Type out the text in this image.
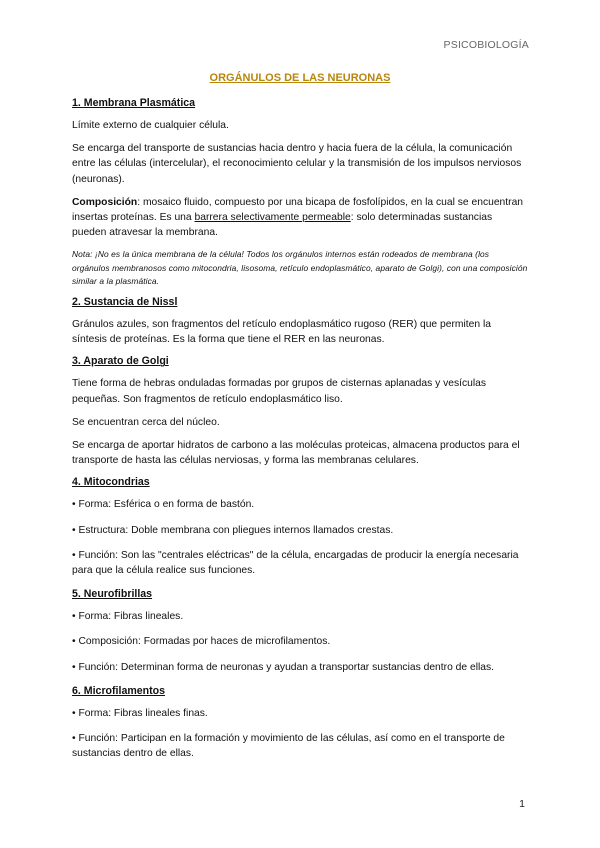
PSICOBIOLOGÍA
ORGÁNULOS DE LAS NEURONAS
1. Membrana Plasmática

Límite externo de cualquier célula.

Se encarga del transporte de sustancias hacia dentro y hacia fuera de la célula, la comunicación entre las células (intercelular), el reconocimiento celular y la transmisión de los impulsos nerviosos (neuronas).

Composición: mosaico fluido, compuesto por una bicapa de fosfolípidos, en la cual se encuentran insertas proteínas. Es una barrera selectivamente permeable: solo determinadas sustancias pueden atravesar la membrana.

Nota: ¡No es la única membrana de la célula! Todos los orgánulos internos están rodeados de membrana (los orgánulos membranosos como mitocondria, lisosoma, retículo endoplasmático, aparato de Golgi), con una composición similar a la plasmática.

2. Sustancia de Nissl

Gránulos azules, son fragmentos del retículo endoplasmático rugoso (RER) que permiten la síntesis de proteínas. Es la forma que tiene el RER en las neuronas.

3. Aparato de Golgi

Tiene forma de hebras onduladas formadas por grupos de cisternas aplanadas y vesículas pequeñas. Son fragmentos de retículo endoplasmático liso.

Se encuentran cerca del núcleo.

Se encarga de aportar hidratos de carbono a las moléculas proteicas, almacena productos para el transporte de hasta las células nerviosas, y forma las membranas celulares.

4. Mitocondrias

• Forma: Esférica o en forma de bastón.

• Estructura: Doble membrana con pliegues internos llamados crestas.

• Función: Son las "centrales eléctricas" de la célula, encargadas de producir la energía necesaria para que la célula realice sus funciones.

5. Neurofibrillas

• Forma: Fibras lineales.

• Composición: Formadas por haces de microfilamentos.

• Función: Determinan forma de neuronas y ayudan a transportar sustancias dentro de ellas.

6. Microfilamentos

• Forma: Fibras lineales finas.

• Función: Participan en la formación y movimiento de las células, así como en el transporte de sustancias dentro de ellas.

1
